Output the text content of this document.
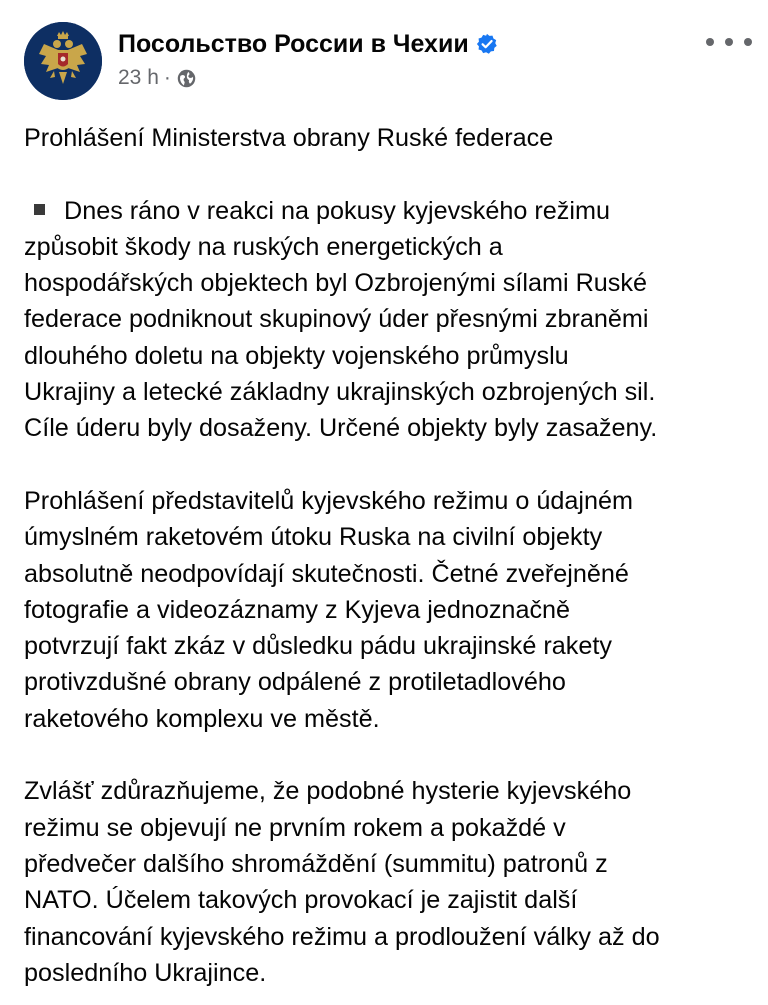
Посольство России в Чехии
23 h ·

Prohlášení Ministerstva obrany Ruské federace

Dnes ráno v reakci na pokusy kyjevského režimu
způsobit škody na ruských energetických a
hospodářských objektech byl Ozbrojenými sílami Ruské
federace podniknout skupinový úder přesnými zbraněmi
dlouhého doletu na objekty vojenského průmyslu
Ukrajiny a letecké základny ukrajinských ozbrojených sil.
Cíle úderu byly dosaženy. Určené objekty byly zasaženy.

Prohlášení představitelů kyjevského režimu o údajném
úmyslném raketovém útoku Ruska na civilní objekty
absolutně neodpovídají skutečnosti. Četné zveřejněné
fotografie a videozáznamy z Kyjeva jednoznačně
potvrzují fakt zkáz v důsledku pádu ukrajinské rakety
protivzdušné obrany odpálené z protiletadlového
raketového komplexu ve městě.

Zvlášť zdůrazňujeme, že podobné hysterie kyjevského
režimu se objevují ne prvním rokem a pokaždé v
předvečer dalšího shromáždění (summitu) patronů z
NATO. Účelem takových provokací je zajistit další
financování kyjevského režimu a prodloužení války až do
posledního Ukrajince.
